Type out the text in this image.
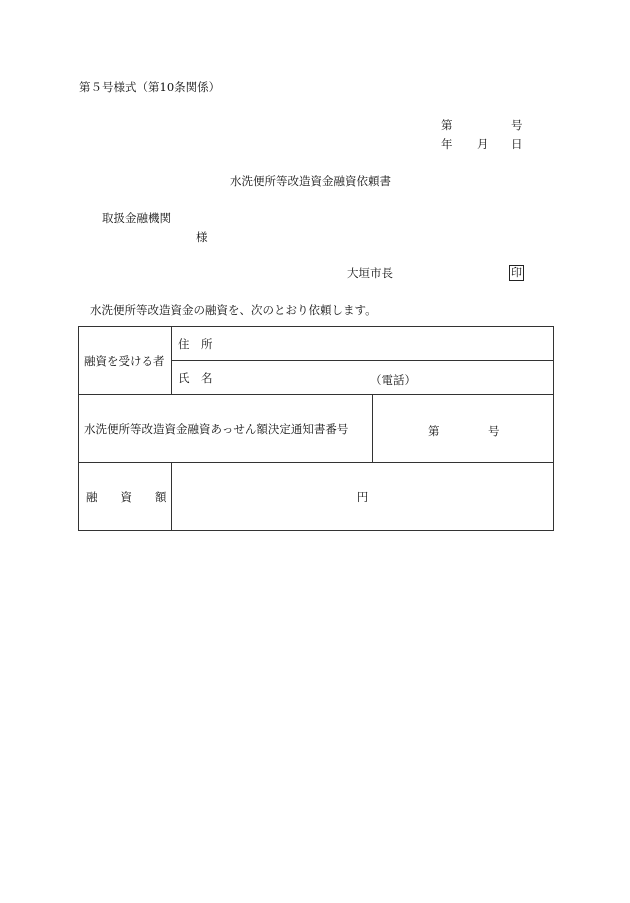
第５号様式（第10条関係）
第	号
年 月 日
水洗便所等改造資金融資依頼書
取扱金融機関
様
大垣市長	印
水洗便所等改造資金の融資を、次のとおり依頼します。
融資を受ける者	住　所	
	氏　名 （電話）	

水洗便所等改造資金融資あっせん額決定通知書番号		第 号

融　　資　　額	円	
